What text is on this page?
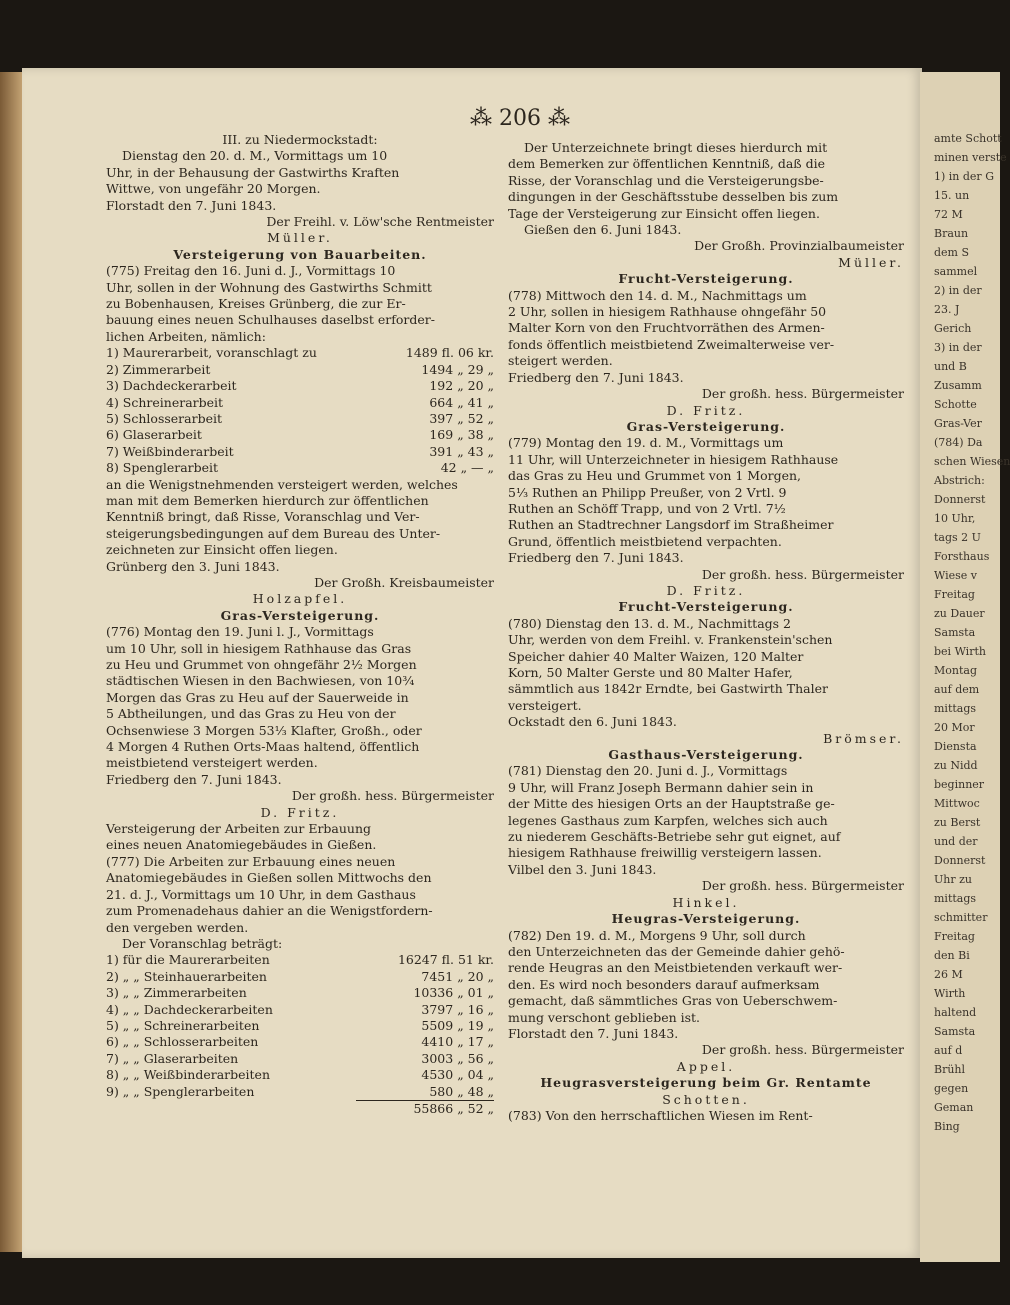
⁂ 206 ⁂
III. zu Niedermockstadt:
Dienstag den 20. d. M., Vormittags um 10
Uhr, in der Behausung der Gastwirths Kraften
Wittwe, von ungefähr 20 Morgen.
Florstadt den 7. Juni 1843.
Der Freihl. v. Löw'sche Rentmeister
Müller.
Versteigerung von Bauarbeiten.
(775) Freitag den 16. Juni d. J., Vormittags 10
Uhr, sollen in der Wohnung des Gastwirths Schmitt
zu Bobenhausen, Kreises Grünberg, die zur Er-
bauung eines neuen Schulhauses daselbst erforder-
lichen Arbeiten, nämlich:
1) Maurerarbeit, voranschlagt zu	1489 fl. 06 kr.
2) Zimmerarbeit	1494 „ 29 „
3) Dachdeckerarbeit	192 „ 20 „
4) Schreinerarbeit	664 „ 41 „
5) Schlosserarbeit	397 „ 52 „
6) Glaserarbeit	169 „ 38 „
7) Weißbinderarbeit	391 „ 43 „
8) Spenglerarbeit	42 „ — „
an die Wenigstnehmenden versteigert werden, welches
man mit dem Bemerken hierdurch zur öffentlichen
Kenntniß bringt, daß Risse, Voranschlag und Ver-
steigerungsbedingungen auf dem Bureau des Unter-
zeichneten zur Einsicht offen liegen.
Grünberg den 3. Juni 1843.
Der Großh. Kreisbaumeister
Holzapfel.
Gras-Versteigerung.
(776) Montag den 19. Juni l. J., Vormittags
um 10 Uhr, soll in hiesigem Rathhause das Gras
zu Heu und Grummet von ohngefähr 2½ Morgen
städtischen Wiesen in den Bachwiesen, von 10¾
Morgen das Gras zu Heu auf der Sauerweide in
5 Abtheilungen, und das Gras zu Heu von der
Ochsenwiese 3 Morgen 53⅓ Klafter, Großh., oder
4 Morgen 4 Ruthen Orts-Maas haltend, öffentlich
meistbietend versteigert werden.
Friedberg den 7. Juni 1843.
Der großh. hess. Bürgermeister
D. Fritz.
Versteigerung der Arbeiten zur Erbauung
eines neuen Anatomiegebäudes in Gießen.
(777) Die Arbeiten zur Erbauung eines neuen
Anatomiegebäudes in Gießen sollen Mittwochs den
21. d. J., Vormittags um 10 Uhr, in dem Gasthaus
zum Promenadehaus dahier an die Wenigstfordern-
den vergeben werden.
Der Voranschlag beträgt:
1) für die Maurerarbeiten	16247 fl. 51 kr.
2) „ „ Steinhauerarbeiten	7451 „ 20 „
3) „ „ Zimmerarbeiten	10336 „ 01 „
4) „ „ Dachdeckerarbeiten	3797 „ 16 „
5) „ „ Schreinerarbeiten	5509 „ 19 „
6) „ „ Schlosserarbeiten	4410 „ 17 „
7) „ „ Glaserarbeiten	3003 „ 56 „
8) „ „ Weißbinderarbeiten	4530 „ 04 „
9) „ „ Spenglerarbeiten	580 „ 48 „
55866 „ 52 „
Der Unterzeichnete bringt dieses hierdurch mit
dem Bemerken zur öffentlichen Kenntniß, daß die
Risse, der Voranschlag und die Versteigerungsbe-
dingungen in der Geschäftsstube desselben bis zum
Tage der Versteigerung zur Einsicht offen liegen.
Gießen den 6. Juni 1843.
Der Großh. Provinzialbaumeister
Müller.
Frucht-Versteigerung.
(778) Mittwoch den 14. d. M., Nachmittags um
2 Uhr, sollen in hiesigem Rathhause ohngefähr 50
Malter Korn von den Fruchtvorräthen des Armen-
fonds öffentlich meistbietend Zweimalterweise ver-
steigert werden.
Friedberg den 7. Juni 1843.
Der großh. hess. Bürgermeister
D. Fritz.
Gras-Versteigerung.
(779) Montag den 19. d. M., Vormittags um
11 Uhr, will Unterzeichneter in hiesigem Rathhause
das Gras zu Heu und Grummet von 1 Morgen,
5⅓ Ruthen an Philipp Preußer, von 2 Vrtl. 9
Ruthen an Schöff Trapp, und von 2 Vrtl. 7½
Ruthen an Stadtrechner Langsdorf im Straßheimer
Grund, öffentlich meistbietend verpachten.
Friedberg den 7. Juni 1843.
Der großh. hess. Bürgermeister
D. Fritz.
Frucht-Versteigerung.
(780) Dienstag den 13. d. M., Nachmittags 2
Uhr, werden von dem Freihl. v. Frankenstein'schen
Speicher dahier 40 Malter Waizen, 120 Malter
Korn, 50 Malter Gerste und 80 Malter Hafer,
sämmtlich aus 1842r Erndte, bei Gastwirth Thaler
versteigert.
Ockstadt den 6. Juni 1843.
Brömser.
Gasthaus-Versteigerung.
(781) Dienstag den 20. Juni d. J., Vormittags
9 Uhr, will Franz Joseph Bermann dahier sein in
der Mitte des hiesigen Orts an der Hauptstraße ge-
legenes Gasthaus zum Karpfen, welches sich auch
zu niederem Geschäfts-Betriebe sehr gut eignet, auf
hiesigem Rathhause freiwillig versteigern lassen.
Vilbel den 3. Juni 1843.
Der großh. hess. Bürgermeister
Hinkel.
Heugras-Versteigerung.
(782) Den 19. d. M., Morgens 9 Uhr, soll durch
den Unterzeichneten das der Gemeinde dahier gehö-
rende Heugras an den Meistbietenden verkauft wer-
den. Es wird noch besonders darauf aufmerksam
gemacht, daß sämmtliches Gras von Ueberschwem-
mung verschont geblieben ist.
Florstadt den 7. Juni 1843.
Der großh. hess. Bürgermeister
Appel.
Heugrasversteigerung beim Gr. Rentamte
Schotten.
(783) Von den herrschaftlichen Wiesen im Rent-
amte Schott
minen verste
1) in der G
15. un
72 M
Braun
dem S
sammel
2) in der
23. J
Gerich
3) in der
und B
Zusamm
Schotte
Gras-Ver
(784) Da
schen Wiesen
Abstrich:
Donnerst
10 Uhr,
tags 2 U
Forsthaus
Wiese v
Freitag
zu Dauer
Samsta
bei Wirth
Montag
auf dem
mittags
20 Mor
Diensta
zu Nidd
beginner
Mittwoc
zu Berst
und der
Donnerst
Uhr zu
mittags
schmitter
Freitag
den Bi
26 M
Wirth
haltend
Samsta
auf d
Brühl
gegen
Geman
Bing
